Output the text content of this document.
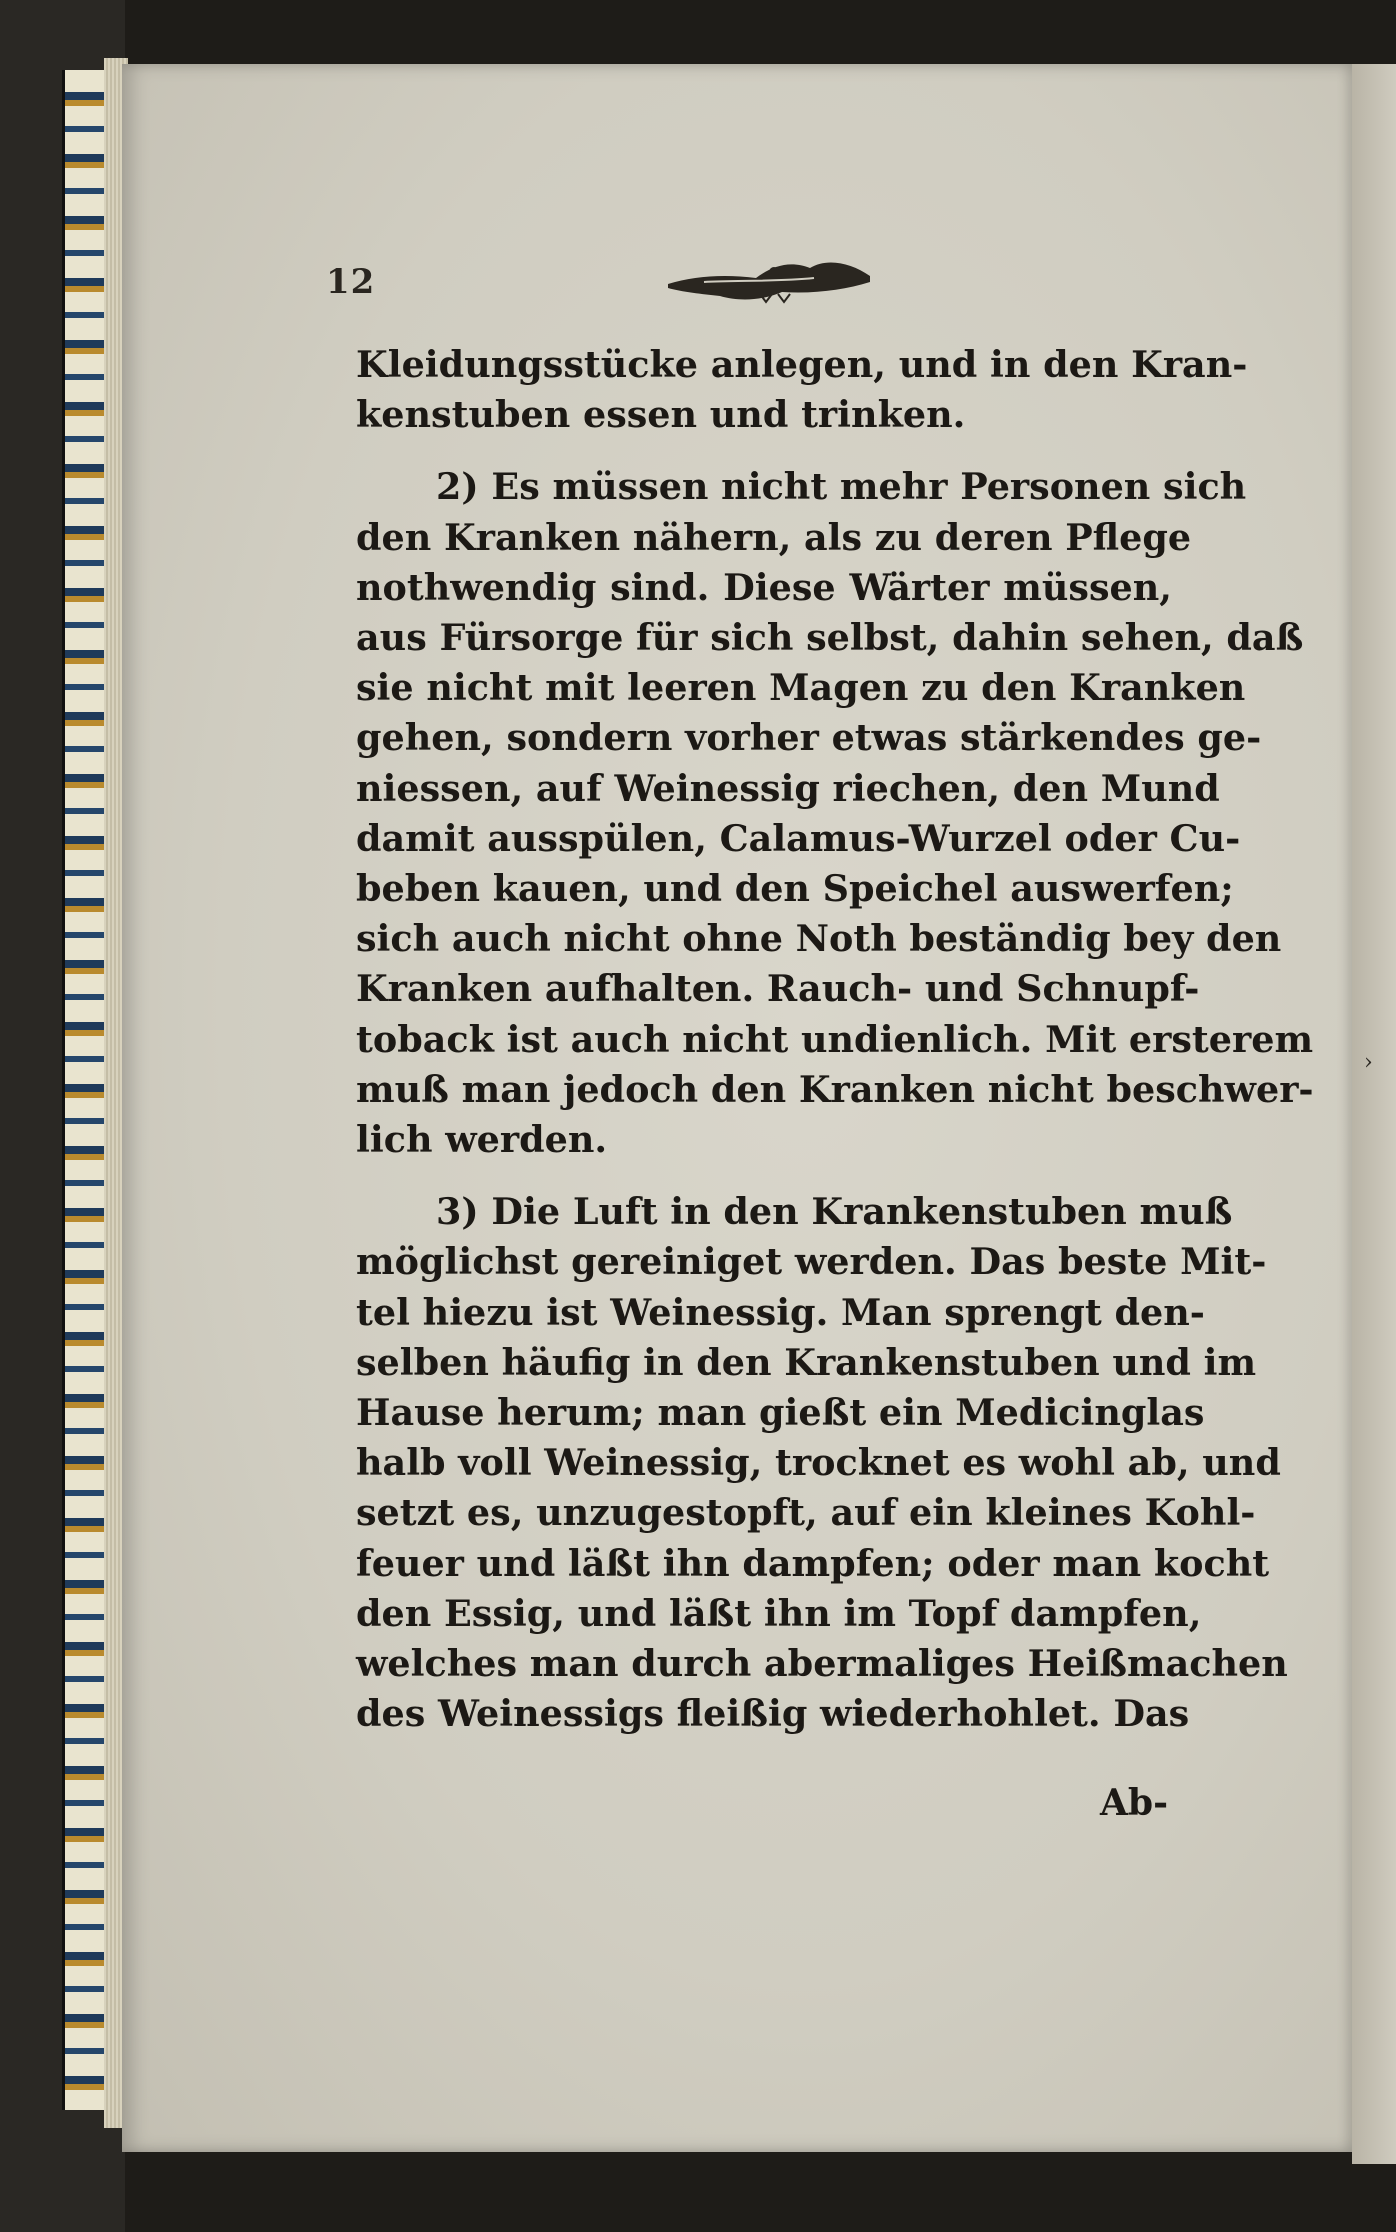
12
Kleidungsstücke anlegen, und in den Kran-
kenstuben essen und trinken.
2) Es müssen nicht mehr Personen sich
den Kranken nähern, als zu deren Pflege
nothwendig sind. Diese Wärter müssen,
aus Fürsorge für sich selbst, dahin sehen, daß
sie nicht mit leeren Magen zu den Kranken
gehen, sondern vorher etwas stärkendes ge-
niessen, auf Weinessig riechen, den Mund
damit ausspülen, Calamus-Wurzel oder Cu-
beben kauen, und den Speichel auswerfen;
sich auch nicht ohne Noth beständig bey den
Kranken aufhalten. Rauch- und Schnupf-
toback ist auch nicht undienlich. Mit ersterem
muß man jedoch den Kranken nicht beschwer-
lich werden.
3) Die Luft in den Krankenstuben muß
möglichst gereiniget werden. Das beste Mit-
tel hiezu ist Weinessig. Man sprengt den-
selben häufig in den Krankenstuben und im
Hause herum; man gießt ein Medicinglas
halb voll Weinessig, trocknet es wohl ab, und
setzt es, unzugestopft, auf ein kleines Kohl-
feuer und läßt ihn dampfen; oder man kocht
den Essig, und läßt ihn im Topf dampfen,
welches man durch abermaliges Heißmachen
des Weinessigs fleißig wiederhohlet. Das
Ab-
›
